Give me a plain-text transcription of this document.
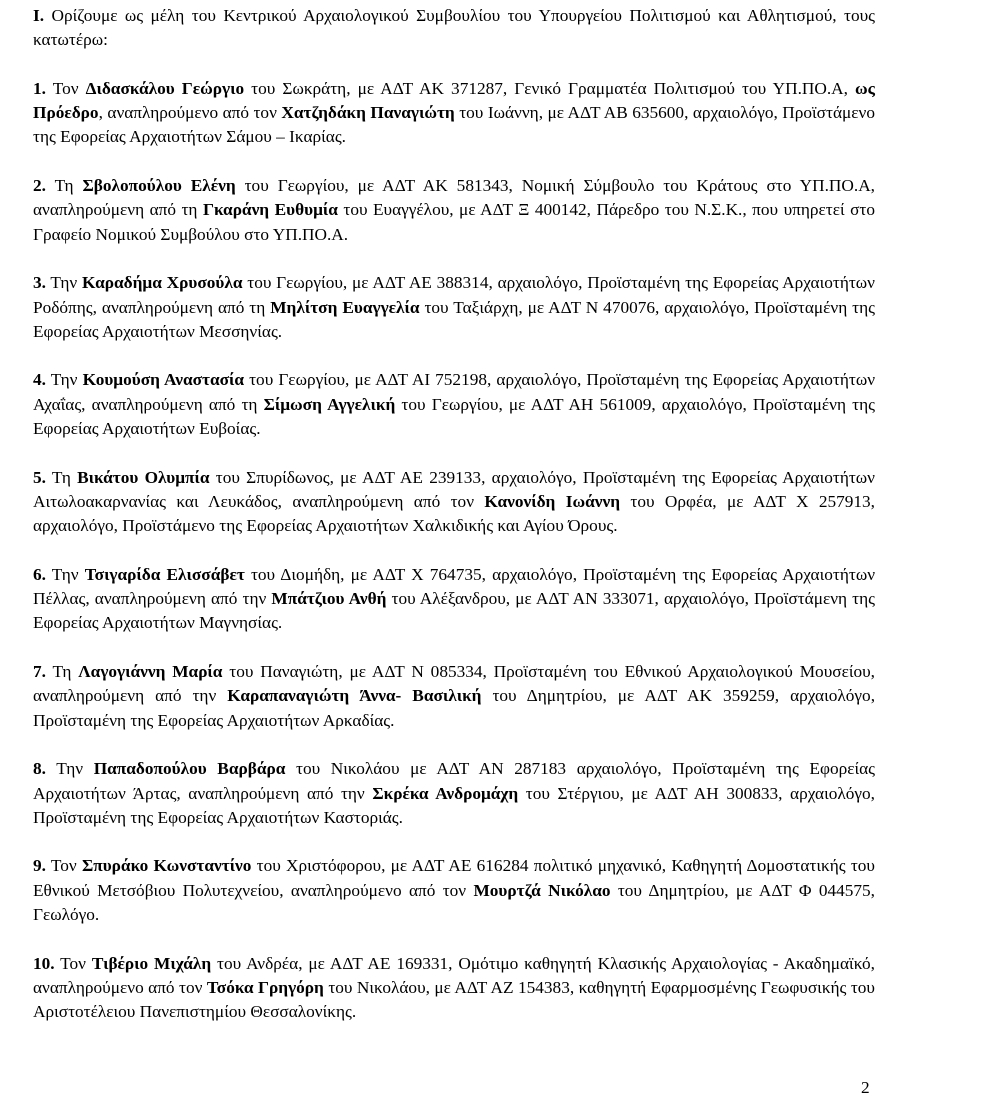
Ι. Ορίζουμε ως μέλη του Κεντρικού Αρχαιολογικού Συμβουλίου του Υπουργείου Πολιτισμού και Αθλητισμού, τους κατωτέρω:

1. Τον Διδασκάλου Γεώργιο του Σωκράτη, με ΑΔΤ ΑΚ 371287, Γενικό Γραμματέα Πολιτισμού του ΥΠ.ΠΟ.Α, ως Πρόεδρο, αναπληρούμενο από τον Χατζηδάκη Παναγιώτη του Ιωάννη, με ΑΔΤ ΑΒ 635600, αρχαιολόγο, Προϊστάμενο της Εφορείας Αρχαιοτήτων Σάμου – Ικαρίας.

2. Τη Σβολοπούλου Ελένη του Γεωργίου, με ΑΔΤ ΑΚ 581343, Νομική Σύμβουλο του Κράτους στο ΥΠ.ΠΟ.Α, αναπληρούμενη από τη Γκαράνη Ευθυμία του Ευαγγέλου, με ΑΔΤ Ξ 400142, Πάρεδρο του Ν.Σ.Κ., που υπηρετεί στο Γραφείο Νομικού Συμβούλου στο ΥΠ.ΠΟ.Α.

3. Την Καραδήμα Χρυσούλα του Γεωργίου, με ΑΔΤ ΑΕ 388314, αρχαιολόγο, Προϊσταμένη της Εφορείας Αρχαιοτήτων Ροδόπης, αναπληρούμενη από τη Μηλίτση Ευαγγελία του Ταξιάρχη, με ΑΔΤ Ν 470076, αρχαιολόγο, Προϊσταμένη της Εφορείας Αρχαιοτήτων Μεσσηνίας.

4. Την Κουμούση Αναστασία του Γεωργίου, με ΑΔΤ ΑΙ 752198, αρχαιολόγο, Προϊσταμένη της Εφορείας Αρχαιοτήτων Αχαΐας, αναπληρούμενη από τη Σίμωση Αγγελική του Γεωργίου, με ΑΔΤ ΑΗ 561009, αρχαιολόγο, Προϊσταμένη της Εφορείας Αρχαιοτήτων Ευβοίας.

5. Τη Βικάτου Ολυμπία του Σπυρίδωνος, με ΑΔΤ ΑΕ 239133, αρχαιολόγο, Προϊσταμένη της Εφορείας Αρχαιοτήτων Αιτωλοακαρνανίας και Λευκάδος, αναπληρούμενη από τον Κανονίδη Ιωάννη του Ορφέα, με ΑΔΤ Χ 257913, αρχαιολόγο, Προϊστάμενο της Εφορείας Αρχαιοτήτων Χαλκιδικής και Αγίου Όρους.

6. Την Τσιγαρίδα Ελισσάβετ του Διομήδη, με ΑΔΤ Χ 764735, αρχαιολόγο, Προϊσταμένη της Εφορείας Αρχαιοτήτων Πέλλας, αναπληρούμενη από την Μπάτζιου Ανθή του Αλέξανδρου, με ΑΔΤ ΑΝ 333071, αρχαιολόγο, Προϊστάμενη της Εφορείας Αρχαιοτήτων Μαγνησίας.

7. Τη Λαγογιάννη Μαρία του Παναγιώτη, με ΑΔΤ Ν 085334, Προϊσταμένη του Εθνικού Αρχαιολογικού Μουσείου, αναπληρούμενη από την Καραπαναγιώτη Άννα- Βασιλική του Δημητρίου, με ΑΔΤ ΑΚ 359259, αρχαιολόγο, Προϊσταμένη της Εφορείας Αρχαιοτήτων Αρκαδίας.

8. Την Παπαδοπούλου Βαρβάρα του Νικολάου με ΑΔΤ ΑΝ 287183 αρχαιολόγο, Προϊσταμένη της Εφορείας Αρχαιοτήτων Άρτας, αναπληρούμενη από την Σκρέκα Ανδρομάχη του Στέργιου, με ΑΔΤ ΑΗ 300833, αρχαιολόγο, Προϊσταμένη της Εφορείας Αρχαιοτήτων Καστοριάς.

9. Τον Σπυράκο Κωνσταντίνο του Χριστόφορου, με ΑΔΤ ΑΕ 616284 πολιτικό μηχανικό, Καθηγητή Δομοστατικής του Εθνικού Μετσόβιου Πολυτεχνείου, αναπληρούμενο από τον Μουρτζά Νικόλαο του Δημητρίου, με ΑΔΤ Φ 044575, Γεωλόγο.

10. Τον Τιβέριο Μιχάλη του Ανδρέα, με ΑΔΤ ΑΕ 169331, Ομότιμο καθηγητή Κλασικής Αρχαιολογίας - Ακαδημαϊκό, αναπληρούμενο από τον Τσόκα Γρηγόρη του Νικολάου, με ΑΔΤ ΑΖ 154383, καθηγητή Εφαρμοσμένης Γεωφυσικής του Αριστοτέλειου Πανεπιστημίου Θεσσαλονίκης.

2
